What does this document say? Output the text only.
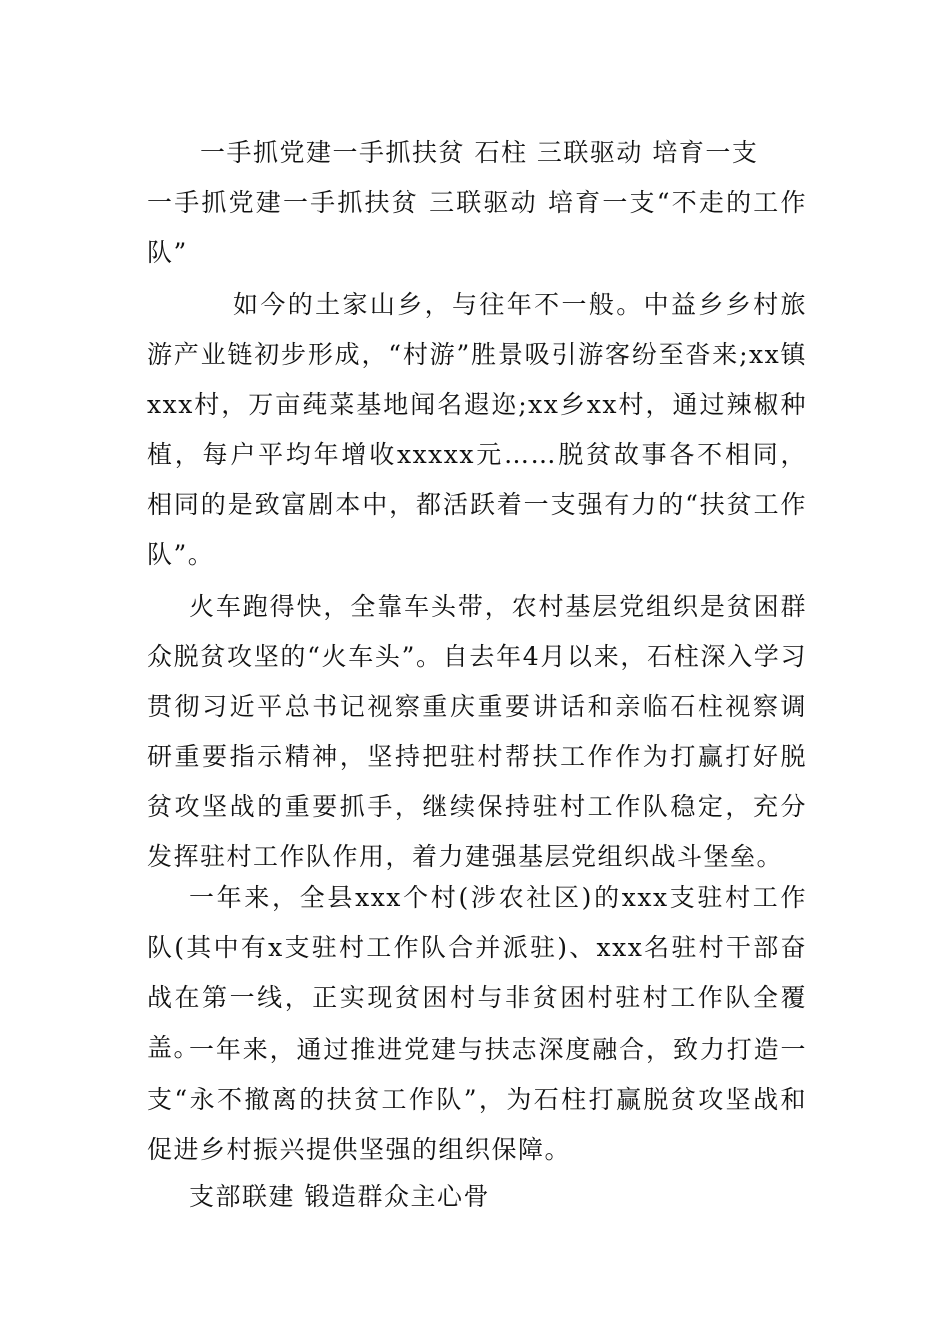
一手抓党建一手抓扶贫 石柱 三联驱动 培育一支
一手抓党建一手抓扶贫 三联驱动 培育一支“不走的工作队”
如今的土家山乡，与往年不一般。中益乡乡村旅游产业链初步形成，“村游”胜景吸引游客纷至沓来;xx镇xxx村，万亩莼菜基地闻名遐迩;xx乡xx村，通过辣椒种植，每户平均年增收xxxxx元……脱贫故事各不相同，相同的是致富剧本中，都活跃着一支强有力的“扶贫工作队”。
火车跑得快，全靠车头带，农村基层党组织是贫困群众脱贫攻坚的“火车头”。自去年4月以来，石柱深入学习贯彻习近平总书记视察重庆重要讲话和亲临石柱视察调研重要指示精神，坚持把驻村帮扶工作作为打赢打好脱贫攻坚战的重要抓手，继续保持驻村工作队稳定，充分发挥驻村工作队作用，着力建强基层党组织战斗堡垒。
一年来，全县xxx个村(涉农社区)的xxx支驻村工作队(其中有x支驻村工作队合并派驻)、xxx名驻村干部奋战在第一线，正实现贫困村与非贫困村驻村工作队全覆盖。
一年来，通过推进党建与扶志深度融合，致力打造一支“永不撤离的扶贫工作队”，为石柱打赢脱贫攻坚战和促进乡村振兴提供坚强的组织保障。
支部联建 锻造群众主心骨
